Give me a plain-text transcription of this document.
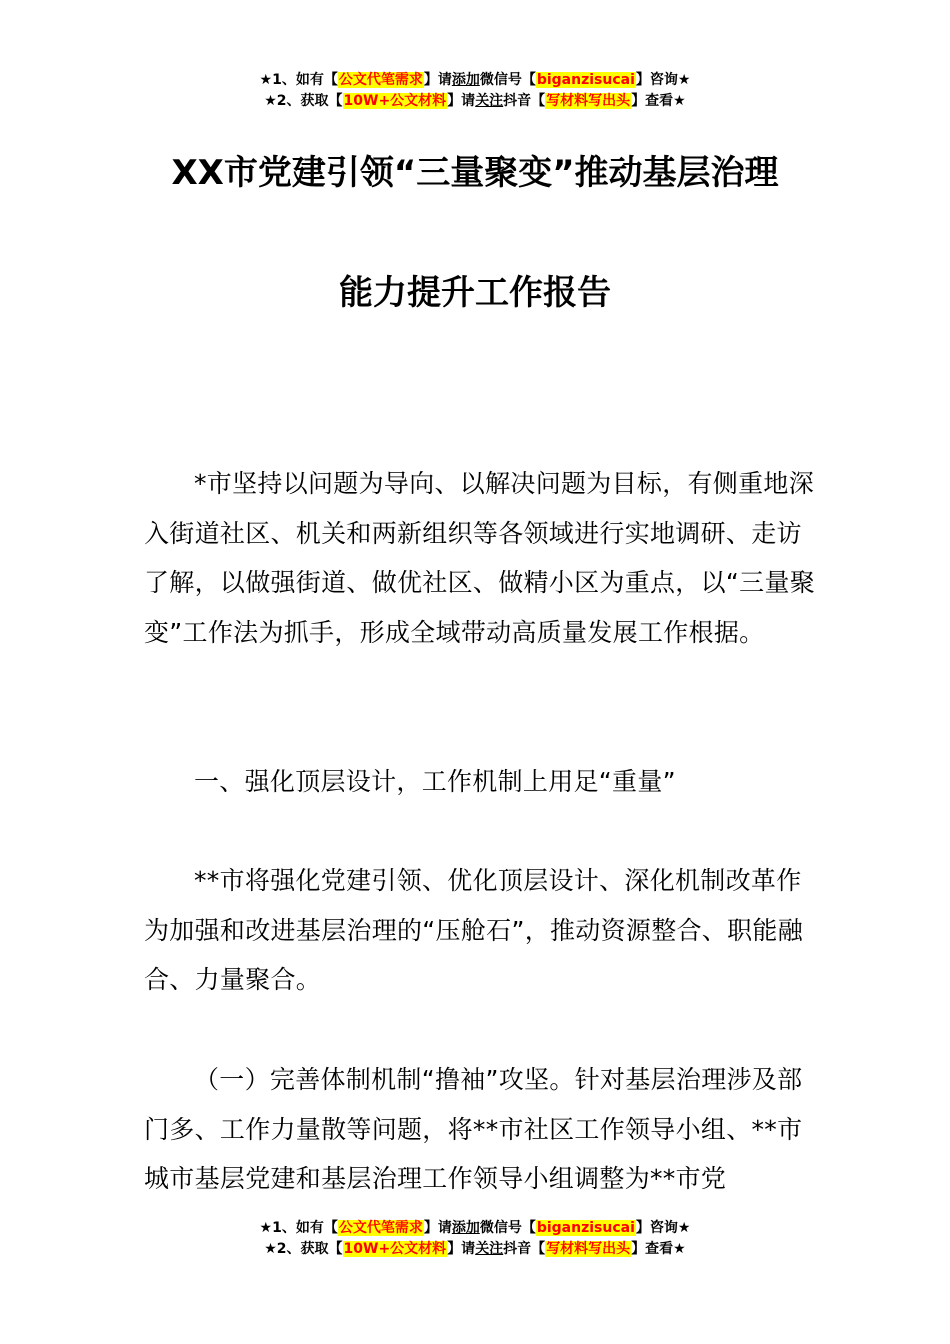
★1、如有【公文代笔需求】请添加微信号【biganzisucai】咨询★
★2、获取【10W+公文材料】请关注抖音【写材料写出头】查看★
XX市党建引领“三量聚变”推动基层治理
能力提升工作报告

*市坚持以问题为导向、以解决问题为目标，有侧重地深入街道社区、机关和两新组织等各领域进行实地调研、走访了解，以做强街道、做优社区、做精小区为重点，以“三量聚变”工作法为抓手，形成全域带动高质量发展工作根据。

一、强化顶层设计，工作机制上用足“重量”

**市将强化党建引领、优化顶层设计、深化机制改革作为加强和改进基层治理的“压舱石”，推动资源整合、职能融合、力量聚合。

（一）完善体制机制“撸袖”攻坚。针对基层治理涉及部门多、工作力量散等问题，将**市社区工作领导小组、**市城市基层党建和基层治理工作领导小组调整为**市党

★1、如有【公文代笔需求】请添加微信号【biganzisucai】咨询★
★2、获取【10W+公文材料】请关注抖音【写材料写出头】查看★
